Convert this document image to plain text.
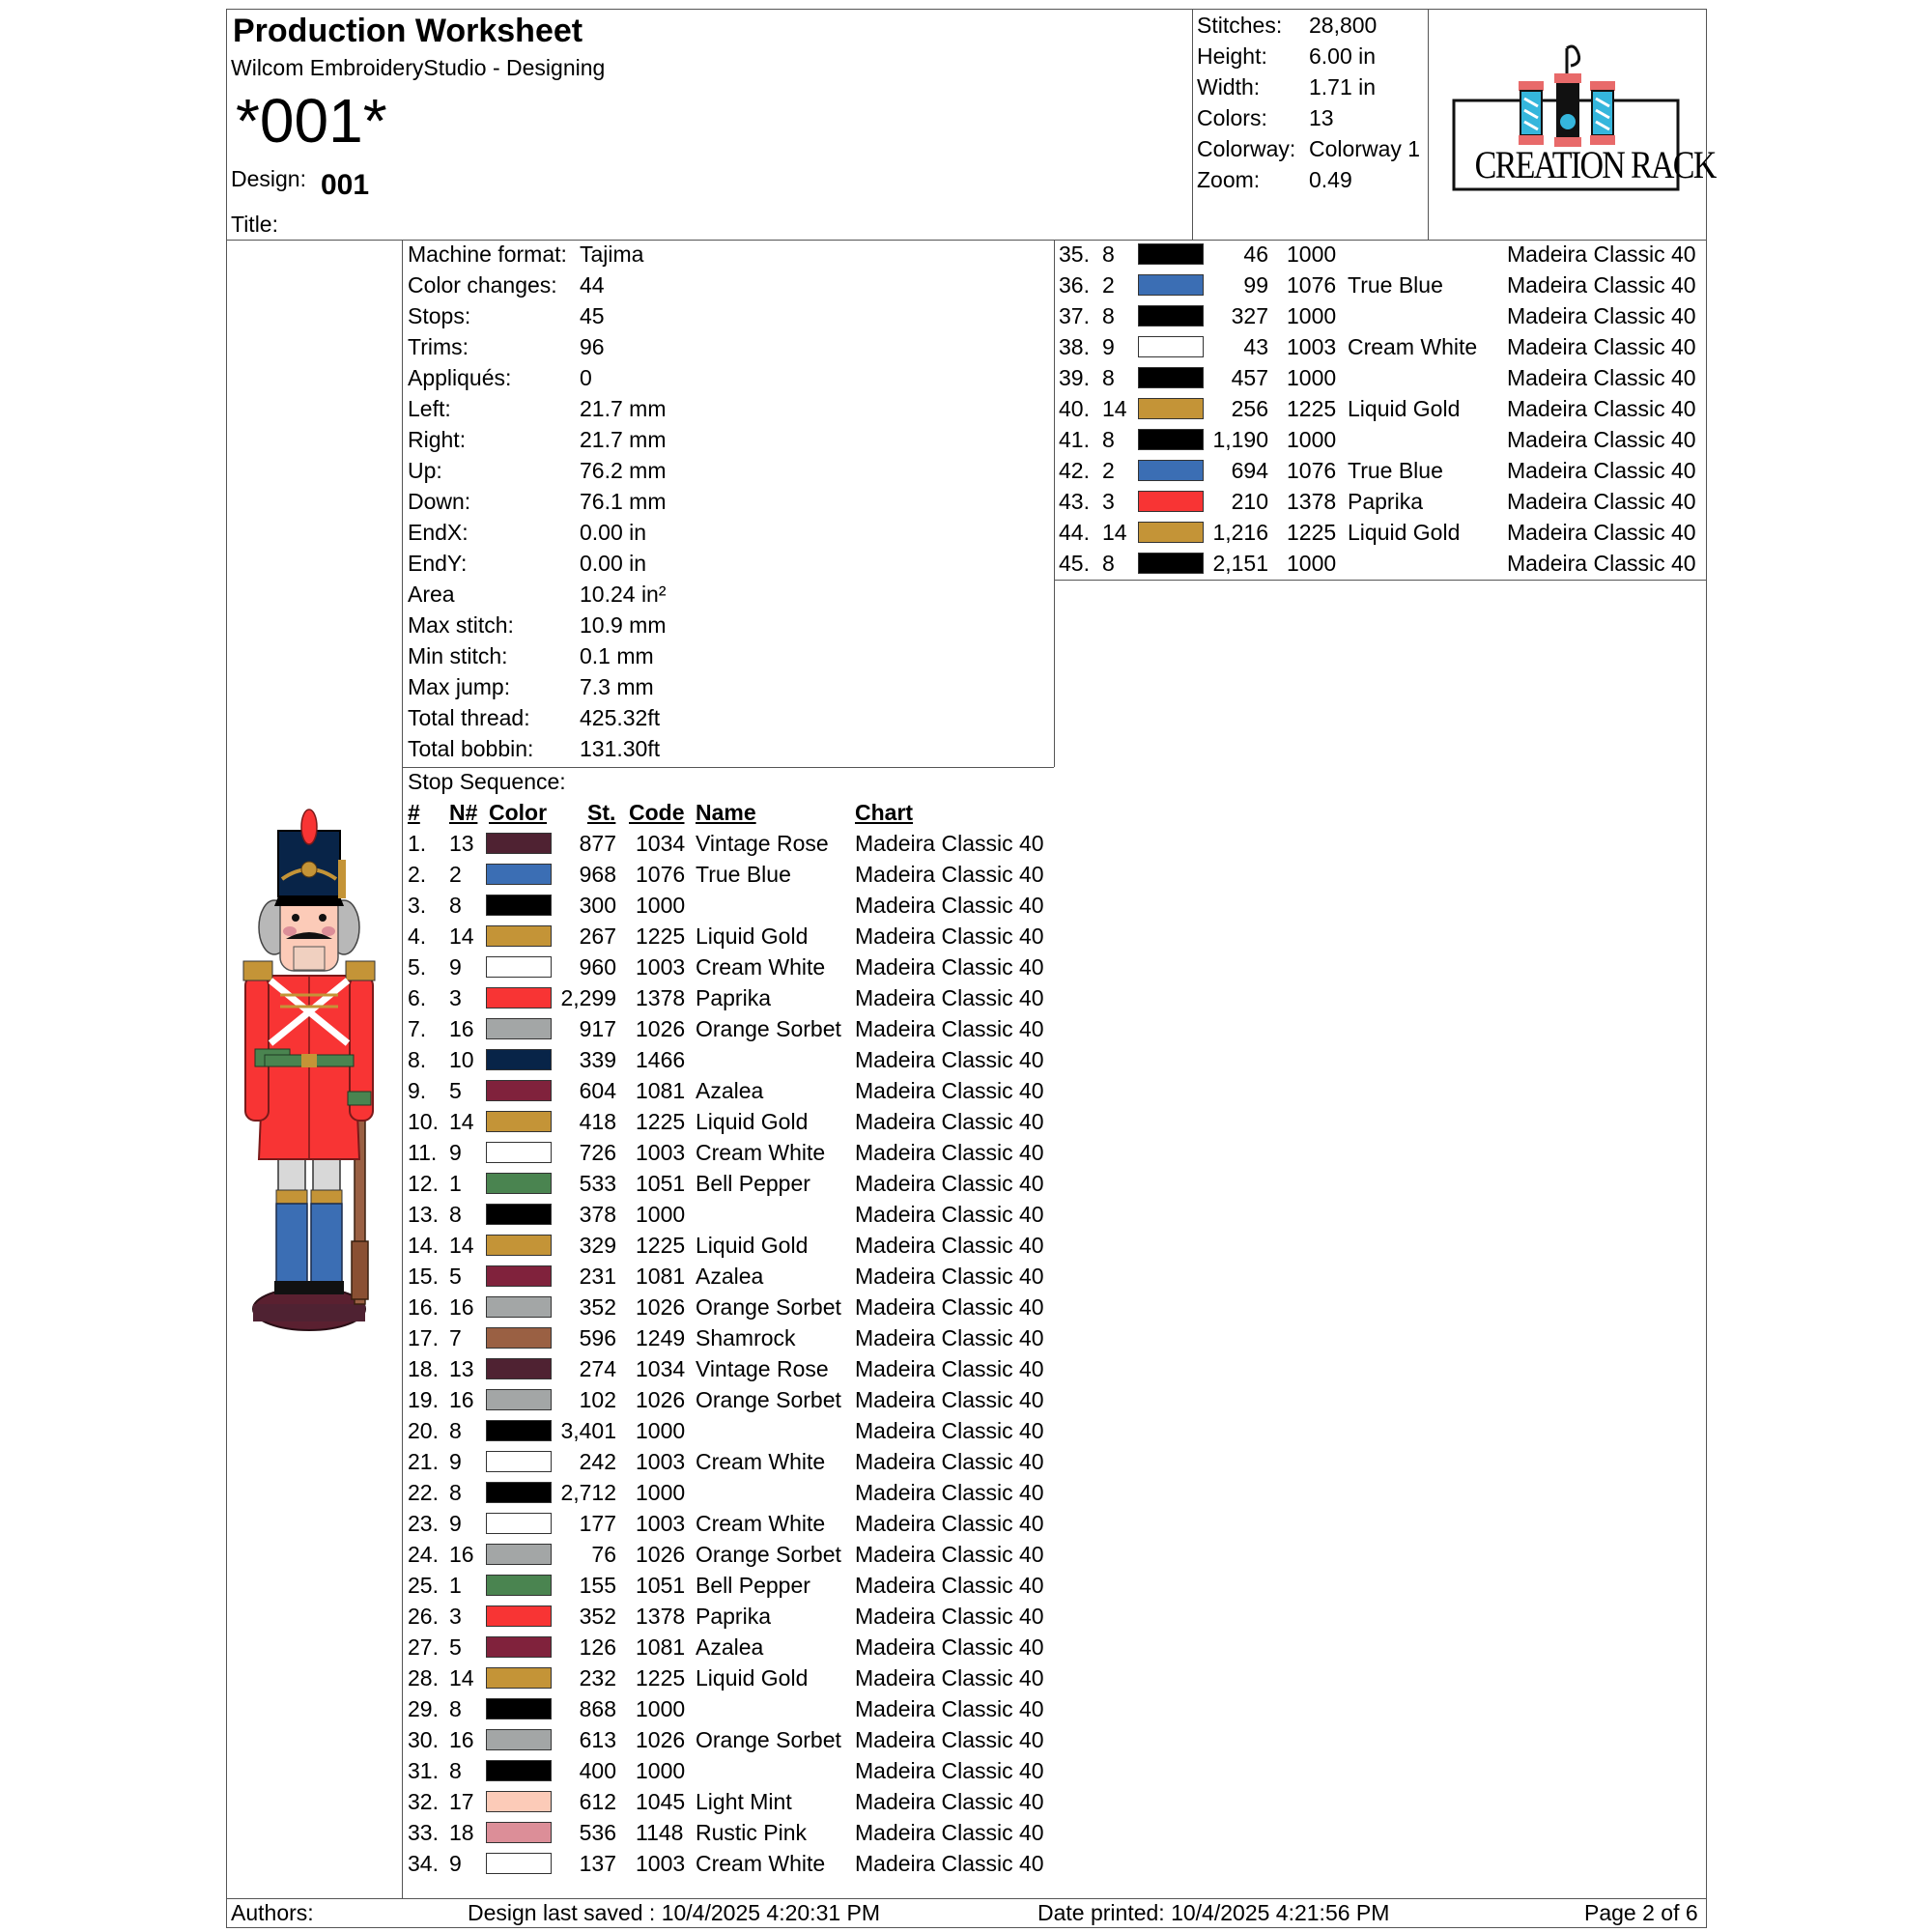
Production Worksheet
Wilcom EmbroideryStudio - Designing
*001*
Design: 001
Title:
Stitches: 28,800
Height: 6.00 in
Width: 1.71 in
Colors: 13
Colorway: Colorway 1
Zoom: 0.49	CREATION RACK
Machine format: Tajima
Color changes: 44
Stops:	45
Trims:	96
Appliqués:	0
Left:	21.7 mm
Right:	21.7 mm
Up:	76.2 mm
Down:	76.1 mm
EndX:	0.00 in
EndY:	0.00 in
Area	10.24 in²
Max stitch:	10.9 mm
Min stitch:	0.1 mm
Max jump:	7.3 mm
Total thread: 425.32ft
Total bobbin: 131.30ft
Stop Sequence:
# N# Color St. Code Name	Chart
1. 13	877 1034 Vintage Rose Madeira Classic 40
2. 2	968 1076 True Blue	Madeira Classic 40
3. 8	300 1000	Madeira Classic 40
4. 14	267 1225 Liquid Gold Madeira Classic 40
5. 9	960 1003 Cream White Madeira Classic 40
6. 3	2,299 1378 Paprika	Madeira Classic 40
7. 16	917 1026 Orange Sorbet Madeira Classic 40
8. 10	339 1466	Madeira Classic 40
9. 5	604 1081 Azalea	Madeira Classic 40
10. 14	418 1225 Liquid Gold Madeira Classic 40
11. 9	726 1003 Cream White Madeira Classic 40
12. 1	533 1051 Bell Pepper Madeira Classic 40
13. 8	378 1000	Madeira Classic 40
14. 14	329 1225 Liquid Gold Madeira Classic 40
15. 5	231 1081 Azalea	Madeira Classic 40
16. 16	352 1026 Orange Sorbet Madeira Classic 40
17. 7	596 1249 Shamrock	Madeira Classic 40
18. 13	274 1034 Vintage Rose Madeira Classic 40
19. 16	102 1026 Orange Sorbet Madeira Classic 40
20. 8	3,401 1000	Madeira Classic 40
21. 9	242 1003 Cream White Madeira Classic 40
22. 8	2,712 1000	Madeira Classic 40
23. 9	177 1003 Cream White Madeira Classic 40
24. 16	76 1026 Orange Sorbet Madeira Classic 40
25. 1	155 1051 Bell Pepper Madeira Classic 40
26. 3	352 1378 Paprika	Madeira Classic 40
27. 5	126 1081 Azalea	Madeira Classic 40
28. 14	232 1225 Liquid Gold Madeira Classic 40
29. 8	868 1000	Madeira Classic 40
30. 16	613 1026 Orange Sorbet Madeira Classic 40
31. 8	400 1000	Madeira Classic 40
32. 17	612 1045 Light Mint	Madeira Classic 40
33. 18	536 1148 Rustic Pink Madeira Classic 40
34. 9	137 1003 Cream White Madeira Classic 40
35. 8	46 1000	Madeira Classic 40
36. 2	99 1076 True Blue	Madeira Classic 40
37. 8	327 1000	Madeira Classic 40
38. 9	43 1003 Cream White Madeira Classic 40
39. 8	457 1000	Madeira Classic 40
40. 14	256 1225 Liquid Gold Madeira Classic 40
41. 8	1,190 1000	Madeira Classic 40
42. 2	694 1076 True Blue	Madeira Classic 40
43. 3	210 1378 Paprika	Madeira Classic 40
44. 14	1,216 1225 Liquid Gold Madeira Classic 40
45. 8	2,151 1000	Madeira Classic 40
Authors:	Design last saved : 10/4/2025 4:20:31 PM	Date printed: 10/4/2025 4:21:56 PM	Page 2 of 6
